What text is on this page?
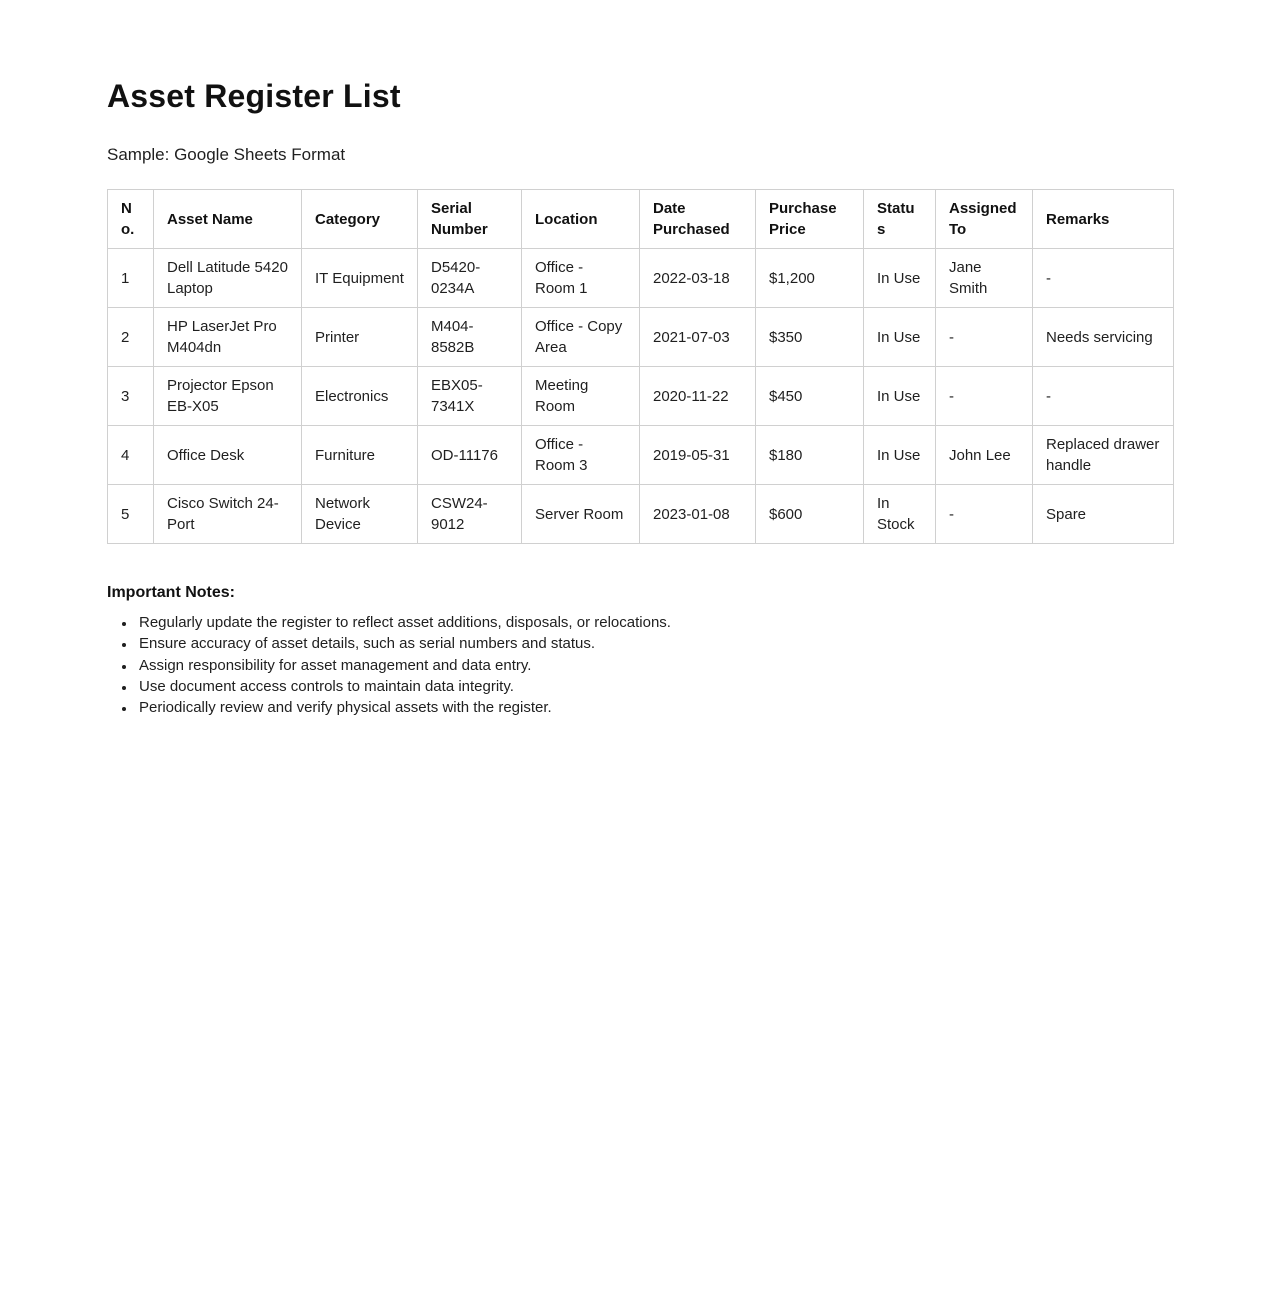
Asset Register List

Sample: Google Sheets Format

No.	Asset Name	Category	Serial Number	Location	Date Purchased	Purchase Price	Status	Assigned To	Remarks
1	Dell Latitude 5420 Laptop	IT Equipment	D5420-0234A	Office - Room 1	2022-03-18	$1,200	In Use	Jane Smith	-
2	HP LaserJet Pro M404dn	Printer	M404-8582B	Office - Copy Area	2021-07-03	$350	In Use	-	Needs servicing
3	Projector Epson EB-X05	Electronics	EBX05-7341X	Meeting Room	2020-11-22	$450	In Use	-	-
4	Office Desk	Furniture	OD-11176	Office - Room 3	2019-05-31	$180	In Use	John Lee	Replaced drawer handle
5	Cisco Switch 24-Port	Network Device	CSW24-9012	Server Room	2023-01-08	$600	In Stock	-	Spare

Important Notes:

• Regularly update the register to reflect asset additions, disposals, or relocations.
• Ensure accuracy of asset details, such as serial numbers and status.
• Assign responsibility for asset management and data entry.
• Use document access controls to maintain data integrity.
• Periodically review and verify physical assets with the register.
